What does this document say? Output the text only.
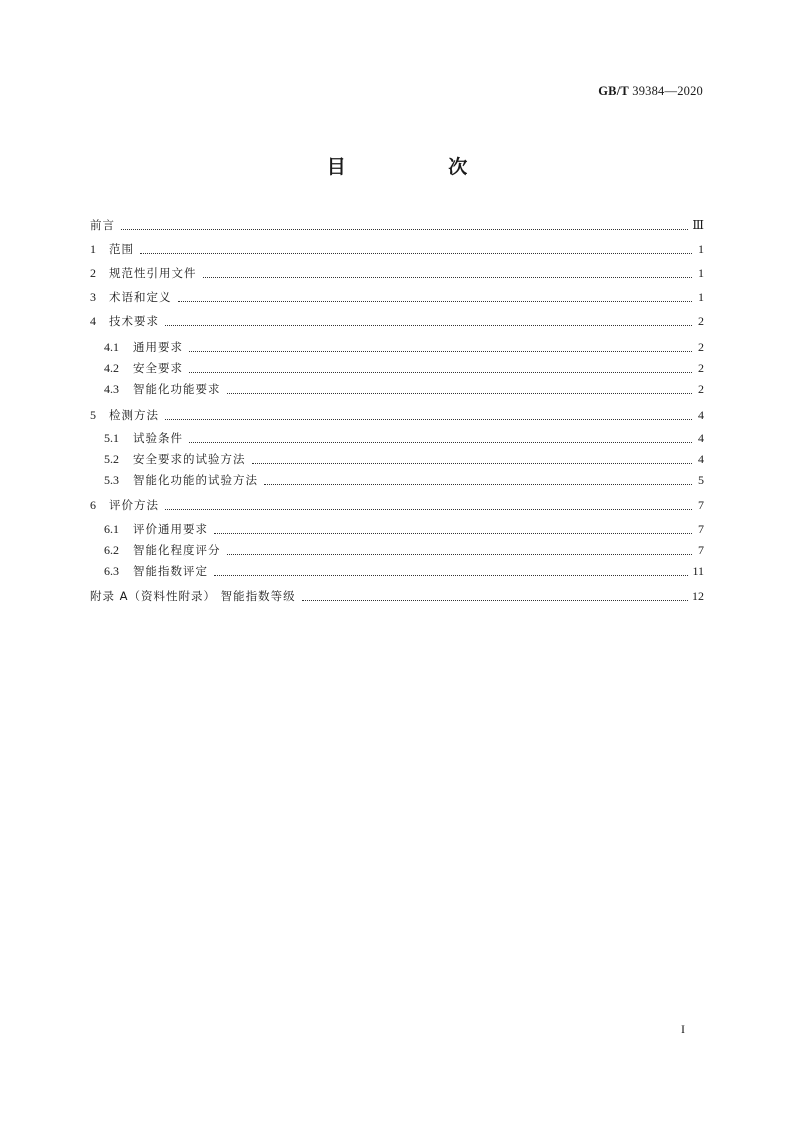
GB/T 39384—2020
目 次
前言	Ⅲ
1 范围	1
2 规范性引用文件	1
3 术语和定义	1
4 技术要求	2
4.1 通用要求	2
4.2 安全要求	2
4.3 智能化功能要求	2
5 检测方法	4
5.1 试验条件	4
5.2 安全要求的试验方法	4
5.3 智能化功能的试验方法	5
6 评价方法	7
6.1 评价通用要求	7
6.2 智能化程度评分	7
6.3 智能指数评定	11
附录 A（资料性附录） 智能指数等级	12
I
